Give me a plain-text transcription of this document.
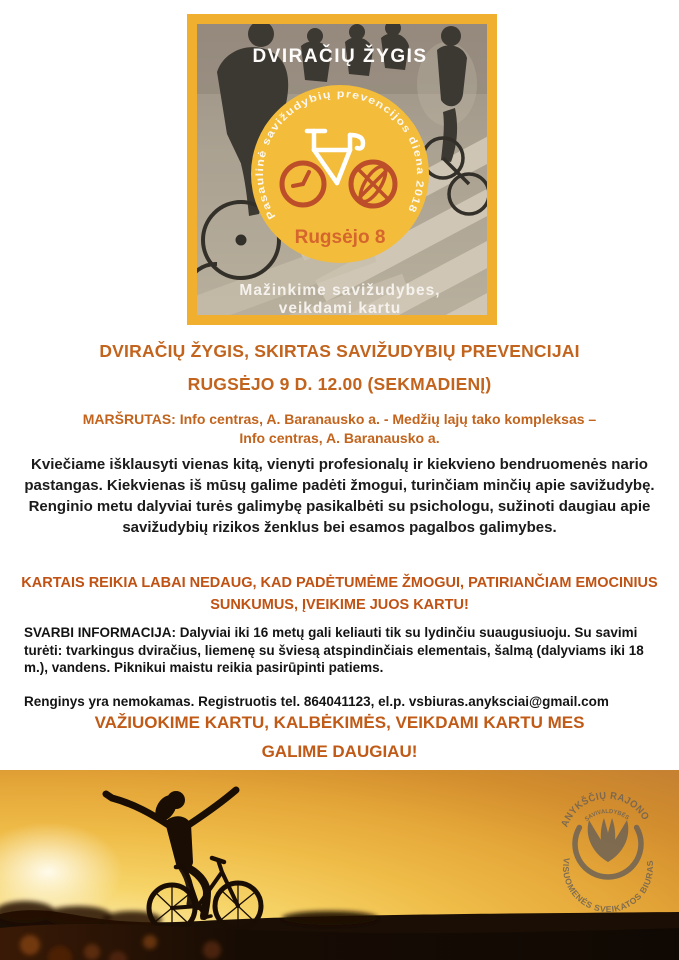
DVIRAČIŲ ŽYGIS
Pasaulinė savižudybių prevencijos diena 2018
Rugsėjo 8
Mažinkime savižudybes,
veikdami kartu
DVIRAČIŲ ŽYGIS, SKIRTAS SAVIŽUDYBIŲ PREVENCIJAI
RUGSĖJO 9 D. 12.00 (SEKMADIENĮ)
MARŠRUTAS: Info centras, A. Baranausko a. - Medžių lajų tako kompleksas –
Info centras, A. Baranausko a.
Kviečiame išklausyti vienas kitą, vienyti profesionalų ir kiekvieno bendruomenės nario pastangas. Kiekvienas iš mūsų galime padėti žmogui, turinčiam minčių apie savižudybę. Renginio metu dalyviai turės galimybę pasikalbėti su psichologu, sužinoti daugiau apie savižudybių rizikos ženklus bei esamos pagalbos galimybes.
KARTAIS REIKIA LABAI NEDAUG, KAD PADĖTUMĖME ŽMOGUI, PATIRIANČIAM EMOCINIUS SUNKUMUS, ĮVEIKIME JUOS KARTU!
SVARBI INFORMACIJA: Dalyviai iki 16 metų gali keliauti tik su lydinčiu suaugusiuoju. Su savimi turėti: tvarkingus dviračius, liemenę su šviesą atspindinčiais elementais, šalmą (dalyviams iki 18 m.), vandens. Piknikui maistu reikia pasirūpinti patiems.
Renginys yra nemokamas. Registruotis tel. 864041123, el.p. vsbiuras.anyksciai@gmail.com
VAŽIUOKIME KARTU, KALBĖKIMĖS, VEIKDAMI KARTU MES
GALIME DAUGIAU!
ANYKŠČIŲ RAJONO
SAVIVALDYBĖS
VISUOMENĖS SVEIKATOS BIURAS
